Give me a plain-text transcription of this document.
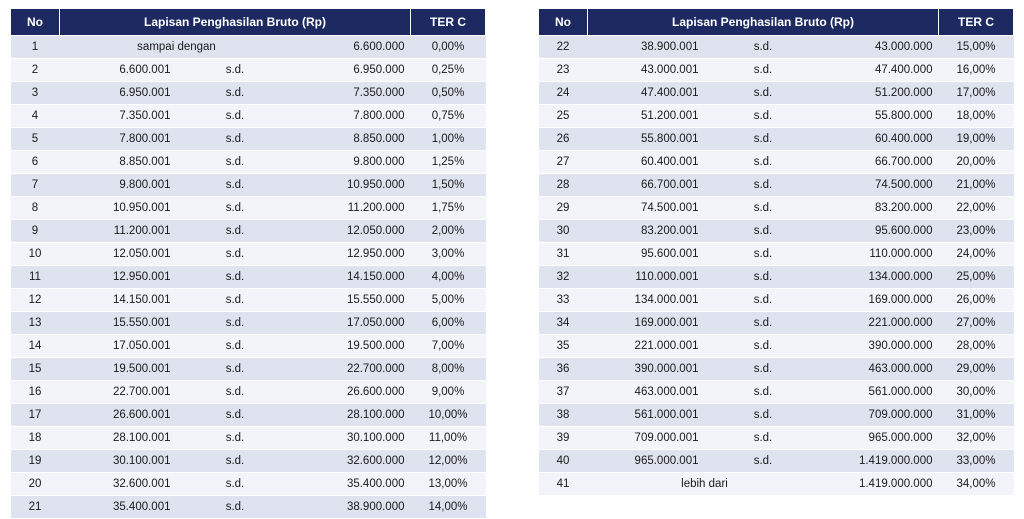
No	Lapisan Penghasilan Bruto (Rp)			TER C
1	sampai dengan		6.600.000	0,00%
2	6.600.001	s.d.	6.950.000	0,25%
3	6.950.001	s.d.	7.350.000	0,50%
4	7.350.001	s.d.	7.800.000	0,75%
5	7.800.001	s.d.	8.850.000	1,00%
6	8.850.001	s.d.	9.800.000	1,25%
7	9.800.001	s.d.	10.950.000	1,50%
8	10.950.001	s.d.	11.200.000	1,75%
9	11.200.001	s.d.	12.050.000	2,00%
10	12.050.001	s.d.	12.950.000	3,00%
11	12.950.001	s.d.	14.150.000	4,00%
12	14.150.001	s.d.	15.550.000	5,00%
13	15.550.001	s.d.	17.050.000	6,00%
14	17.050.001	s.d.	19.500.000	7,00%
15	19.500.001	s.d.	22.700.000	8,00%
16	22.700.001	s.d.	26.600.000	9,00%
17	26.600.001	s.d.	28.100.000	10,00%
18	28.100.001	s.d.	30.100.000	11,00%
19	30.100.001	s.d.	32.600.000	12,00%
20	32.600.001	s.d.	35.400.000	13,00%
21	35.400.001	s.d.	38.900.000	14,00%
No	Lapisan Penghasilan Bruto (Rp)			TER C
22	38.900.001	s.d.	43.000.000	15,00%
23	43.000.001	s.d.	47.400.000	16,00%
24	47.400.001	s.d.	51.200.000	17,00%
25	51.200.001	s.d.	55.800.000	18,00%
26	55.800.001	s.d.	60.400.000	19,00%
27	60.400.001	s.d.	66.700.000	20,00%
28	66.700.001	s.d.	74.500.000	21,00%
29	74.500.001	s.d.	83.200.000	22,00%
30	83.200.001	s.d.	95.600.000	23,00%
31	95.600.001	s.d.	110.000.000	24,00%
32	110.000.001	s.d.	134.000.000	25,00%
33	134.000.001	s.d.	169.000.000	26,00%
34	169.000.001	s.d.	221.000.000	27,00%
35	221.000.001	s.d.	390.000.000	28,00%
36	390.000.001	s.d.	463.000.000	29,00%
37	463.000.001	s.d.	561.000.000	30,00%
38	561.000.001	s.d.	709.000.000	31,00%
39	709.000.001	s.d.	965.000.000	32,00%
40	965.000.001	s.d.	1.419.000.000	33,00%
41	lebih dari		1.419.000.000	34,00%
